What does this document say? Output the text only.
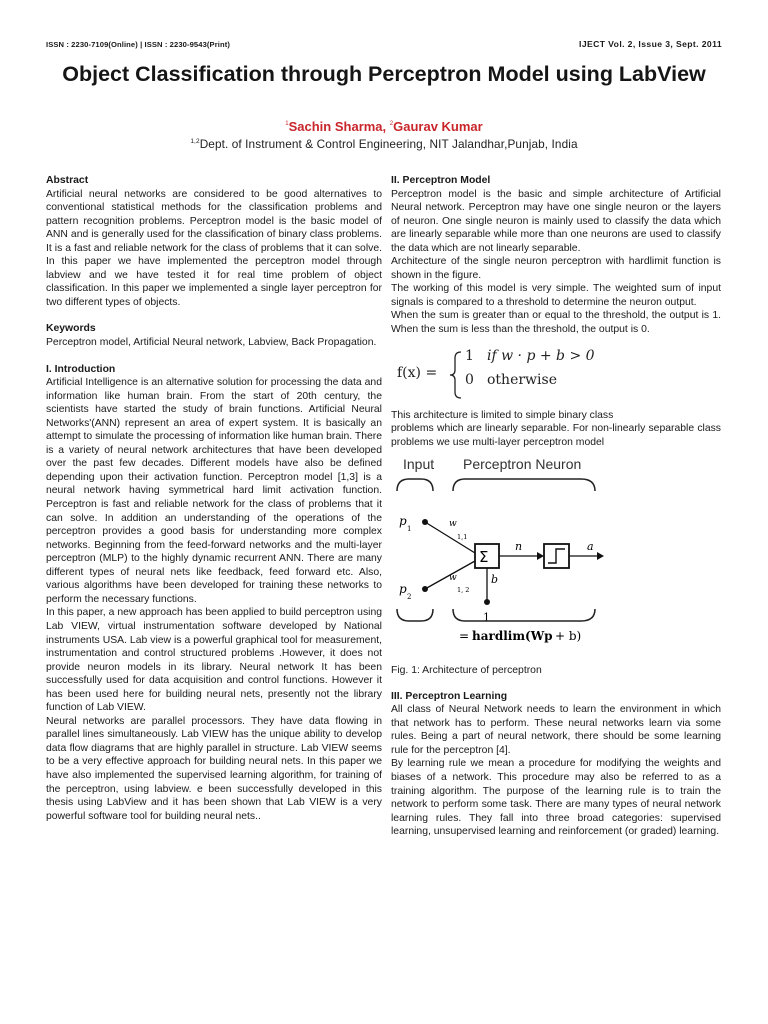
ISSN : 2230-7109(Online) | ISSN : 2230-9543(Print)	IJECT Vol. 2, Issue 3, Sept. 2011
Object Classification through Perceptron Model using LabView
$^1$Sachin Sharma, $^2$Gaurav Kumar
$^{1,2}$Dept. of Instrument & Control Engineering, NIT Jalandhar,Punjab, India

Abstract

Artificial neural networks are considered to be good alternatives to conventional statistical methods for the classification problems and pattern recognition problems. Perceptron model is the basic model of ANN and is generally used for the classification of binary class problems. It is a fast and reliable network for the class of problems that it can solve. In this paper we have implemented the perceptron model through labview and we have tested it for real time problem of object classification. In this paper we implemented a single layer perceptron for two different types of objects.

Keywords

Perceptron model, Artificial Neural network, Labview, Back Propagation.

I. Introduction

Artificial Intelligence is an alternative solution for processing the data and information like human brain. From the start of 20th century, the scientists have started the study of brain functions. Artificial Neural Networks'(ANN) represent an area of expert system. It is basically an attempt to simulate the processing of information like human brain. There is a variety of neural network architectures that have been developed over the past few decades. Different models have also be defined depending upon their activation function. Perceptron model [1,3] is a neural network having symmetrical hard limit activation function. Perceptron is fast and reliable network for the class of problems that it can solve. In addition an understanding of the operations of the perceptron provides a good basis for understanding more complex networks. Beginning from the feed-forward networks and the multi-layer perceptron (MLP) to the highly dynamic recurrent ANN. There are many different types of neural nets like feedback, feed forward etc. Also, various algorithms have been developed for training these networks to perform the necessary functions.

In this paper, a new approach has been applied to build perceptron using Lab VIEW, virtual instrumentation software developed by National instruments USA. Lab view is a powerful graphical tool for measurement, instrumentation and control structured problems .However, it does not provide neuron models in its library. Neural network It has been successfully used for data acquisition and control functions. However it has been used here for building neural nets, presently not the library function of Lab VIEW.

Neural networks are parallel processors. They have data flowing in parallel lines simultaneously. Lab VIEW has the unique ability to develop data flow diagrams that are highly parallel in structure. Lab VIEW seems to be a very effective approach for building neural nets. In this paper we have also implemented the supervised learning algorithm, for training of the perceptron, using labview. e been successfully developed in this thesis using LabView and it has been shown that Lab VIEW is a very powerful software tool for building neural nets..

II. Perceptron Model

Perceptron model is the basic and simple architecture of Artificial Neural network. Perceptron may have one single neuron or the layers of neuron. One single neuron is mainly used to classify the data which are linearly separable while more than one neurons are used to classify the data which are not linearly separable.

Architecture of the single neuron perceptron with hardlimit function is shown in the figure.

The working of this model is very simple. The weighted sum of input signals is compared to a threshold to determine the neuron output.

When the sum is greater than or equal to the threshold, the output is 1. When the sum is less than the threshold, the output is 0.

f(x) =
1 if w · p + b > 0
0 otherwise

This architecture is limited to simple binary class

problems which are linearly separable. For non-linearly separable class problems we use multi-layer perceptron model

Input Perceptron Neuron
p
1
p
2
w
1,1
w
1, 2
Σ
b
1
n	a
= hardlim(Wp + b)

Fig. 1: Architecture of perceptron

III. Perceptron Learning

All class of Neural Network needs to learn the environment in which that network has to perform. These neural networks learn via some rules. Being a part of neural network, there should be some learning rule for the perceptron [4].

By learning rule we mean a procedure for modifying the weights and biases of a network. This procedure may also be referred to as a training algorithm. The purpose of the learning rule is to train the network to perform some task. There are many types of neural network learning rules. They fall into three broad categories: supervised learning, unsupervised learning and reinforcement (or graded) learning.
